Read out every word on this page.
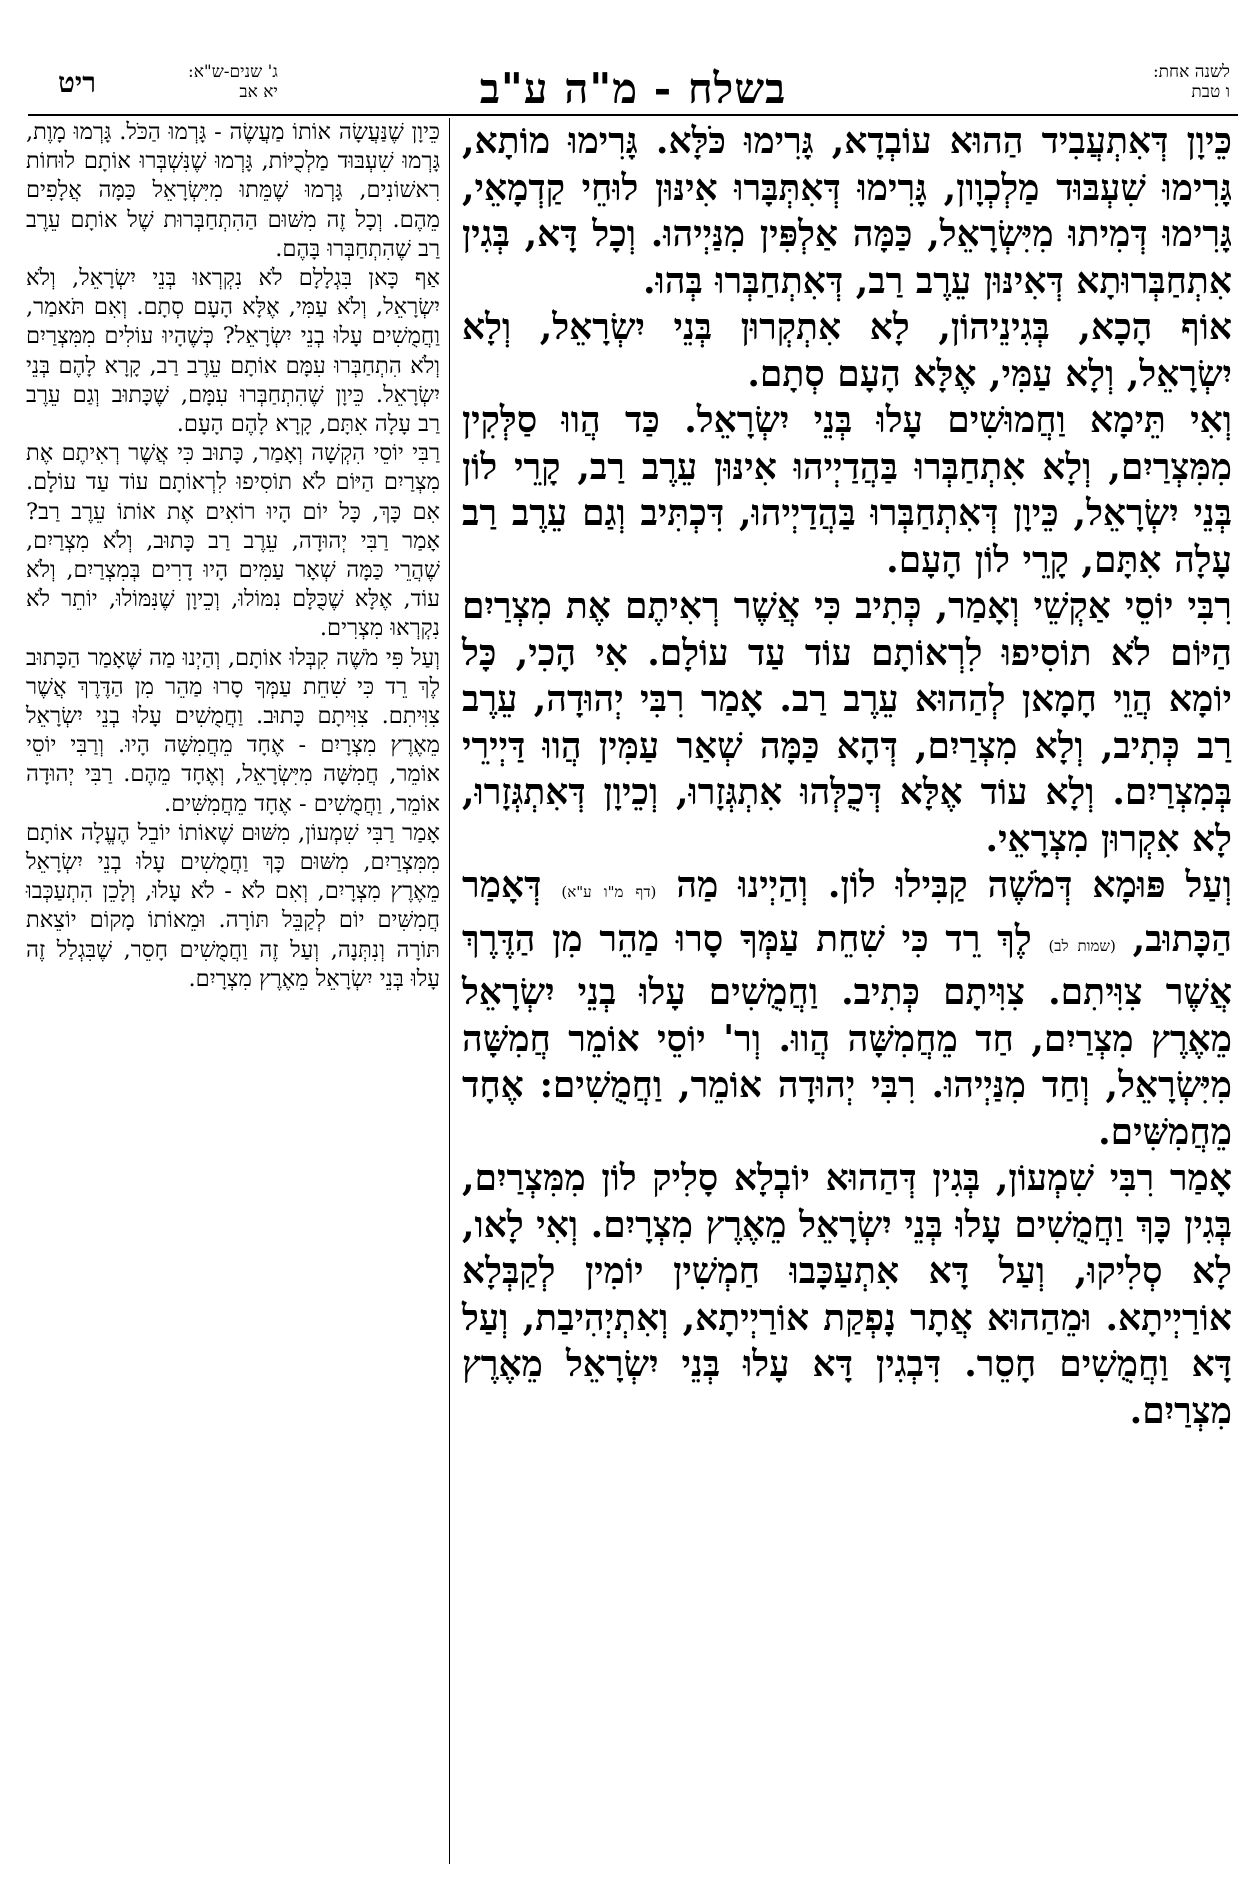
לשנה אחת:
ו טבת
בשלח - מ"ה ע"ב
ג' שנים-ש"א:
יא אב
ריט

כֵּיוָן דְּאִתְעֲבִיד הַהוּא עוֹבְדָא, גָּרִימוּ כֹּלָּא. גָּרִימוּ מוֹתָא, גָּרִימוּ שִׁעְבּוּד מַלְכְוָון, גָּרִימוּ דְּאִתְּבָּרוּ אִינּוּן לוּחֵי קַדְמָאֵי, גָּרִימוּ דְּמִיתוּ מִיִּשְׂרָאֵל, כַּמָּה אַלְפִּין מִנַּיְיהוּ. וְכָל דָּא, בְּגִין אִתְחַבְּרוּתָא דְּאִינּוּן עֵרֶב רַב, דְּאִתְחַבְּרוּ בְּהוּ.

אוֹף הָכָא, בְּגִינֵיהוֹן, לָא אִתְקְרוּן בְּנֵי יִשְׂרָאֵל, וְלָא יִשְׂרָאֵל, וְלָא עַמִּי, אֶלָּא הָעָם סְתָם.

וְאִי תֵּימָא וַחֲמוּשִׁים עָלוּ בְּנֵי יִשְׂרָאֵל. כַּד הֲווּ סַלְּקִין מִמִּצְרַיִם, וְלָא אִתְחַבְּרוּ בַּהֲדַיְיהוּ אִינּוּן עֵרֶב רַב, קָרֵי לוֹן בְּנֵי יִשְׂרָאֵל, כֵּיוָן דְּאִתְחַבְּרוּ בַּהֲדַיְיהוּ, דִּכְתִּיב וְגַם עֵרֶב רַב עָלָה אִתָּם, קָרֵי לוֹן הָעָם.

רִבִּי יוֹסֵי אַקְשֵׁי וְאָמַר, כְּתִיב כִּי אֲשֶׁר רְאִיתֶם אֶת מִצְרַיִם הַיּוֹם לֹא תוֹסִיפוּ לִרְאוֹתָם עוֹד עַד עוֹלָם. אִי הָכִי, כָּל יוֹמָא הֲוֵי חָמָאן לְהַהוּא עֵרֶב רַב. אָמַר רִבִּי יְהוּדָה, עֵרֶב רַב כְּתִיב, וְלָא מִצְרַיִם, דְּהָא כַּמָּה שְׁאַר עַמִּין הֲווּ דַּיְירֵי בְּמִצְרַיִם. וְלָא עוֹד אֶלָּא דְּכֻלְּהוּ אִתְגְּזָרוּ, וְכֵיוָן דְּאִתְגְּזָרוּ, לָא אִקְרוּן מִצְרָאֵי.

וְעַל פּוּמָא דְּמֹשֶׁה קַבִּילוּ לוֹן. וְהַיְינוּ מַה (דף מ"ו ע"א) דְּאָמַר הַכָּתוּב, (שמות לב) לֶךְ רֵד כִּי שִׁחֵת עַמְּךָ סָרוּ מַהֵר מִן הַדֶּרֶךְ אֲשֶׁר צִוִּיתִם. צִוִּיתָם כְּתִיב. וַחֲמֻשִׁים עָלוּ בְנֵי יִשְׂרָאֵל מֵאֶרֶץ מִצְרַיִם, חַד מֵחֲמִשָּׁה הֲווּ. וְר' יוֹסֵי אוֹמֵר חֲמִשָּׁה מִיִּשְׂרָאֵל, וְחַד מִנַּיְיהוּ. רִבִּי יְהוּדָה אוֹמֵר, וַחֲמֻשִׁים: אֶחָד מֵחֲמִשִּׁים.

אָמַר רִבִּי שִׁמְעוֹן, בְּגִין דְּהַהוּא יוֹבְלָא סָלִיק לוֹן מִמִּצְרַיִם, בְּגִין כָּךְ וַחֲמֻשִׁים עָלוּ בְּנֵי יִשְׂרָאֵל מֵאֶרֶץ מִצְרָיִם. וְאִי לָאו, לָא סְלִיקוּ, וְעַל דָּא אִתְעַכָּבוּ חַמְשִׁין יוֹמִין לְקַבְּלָא אוֹרַיְיתָא. וּמֵהַהוּא אֲתָר נָפְקַת אוֹרַיְיתָא, וְאִתְיְהִיבַת, וְעַל דָּא וַחֲמֻשִׁים חָסֵר. דִּבְגִין דָּא עָלוּ בְּנֵי יִשְׂרָאֵל מֵאֶרֶץ מִצְרַיִם.

כֵּיוָן שֶׁנַּעֲשָׂה אוֹתוֹ מַעֲשֶׂה - גָּרְמוּ הַכֹּל. גָּרְמוּ מָוֶת, גָּרְמוּ שִׁעְבּוּד מַלְכֻיּוֹת, גָּרְמוּ שֶׁנִּשְׁבְּרוּ אוֹתָם לוּחוֹת רִאשׁוֹנִים, גָּרְמוּ שֶׁמֵּתוּ מִיִּשְׂרָאֵל כַּמָּה אֲלָפִים מֵהֶם. וְכָל זֶה מִשּׁוּם הַהִתְחַבְּרוּת שֶׁל אוֹתָם עֵרֶב רַב שֶׁהִתְחַבְּרוּ בָּהֶם.

אַף כָּאן בִּגְלָלָם לֹא נִקְרְאוּ בְּנֵי יִשְׂרָאֵל, וְלֹא יִשְׂרָאֵל, וְלֹא עַמִּי, אֶלָּא הָעָם סְתָם. וְאִם תֹּאמַר, וַחֲמֻשִׁים עָלוּ בְנֵי יִשְׂרָאֵל? כְּשֶׁהָיוּ עוֹלִים מִמִּצְרַיִם וְלֹא הִתְחַבְּרוּ עִמָּם אוֹתָם עֵרֶב רַב, קָרָא לָהֶם בְּנֵי יִשְׂרָאֵל. כֵּיוָן שֶׁהִתְחַבְּרוּ עִמָּם, שֶׁכָּתוּב וְגַם עֵרֶב רַב עָלָה אִתָּם, קָרָא לָהֶם הָעָם.

רַבִּי יוֹסֵי הִקְשָׁה וְאָמַר, כָּתוּב כִּי אֲשֶׁר רְאִיתֶם אֶת מִצְרַיִם הַיּוֹם לֹא תוֹסִיפוּ לִרְאוֹתָם עוֹד עַד עוֹלָם. אִם כָּךְ, כָּל יוֹם הָיוּ רוֹאִים אֶת אוֹתוֹ עֵרֶב רַב? אָמַר רַבִּי יְהוּדָה, עֵרֶב רַב כָּתוּב, וְלֹא מִצְרַיִם, שֶׁהֲרֵי כַּמָּה שְׁאָר עַמִּים הָיוּ דָרִים בְּמִצְרַיִם, וְלֹא עוֹד, אֶלָּא שֶׁכֻּלָּם נִמּוֹלוּ, וְכֵיוָן שֶׁנִּמּוֹלוּ, יוֹתֵר לֹא נִקְרְאוּ מִצְרִים.

וְעַל פִּי מֹשֶׁה קִבְּלוּ אוֹתָם, וְהַיְנוּ מַה שֶּׁאָמַר הַכָּתוּב לֶךְ רֵד כִּי שִׁחֵת עַמְּךָ סָרוּ מַהֵר מִן הַדֶּרֶךְ אֲשֶׁר צִוִּיתִם. צִוִּיתָם כָּתוּב. וַחֲמֻשִׁים עָלוּ בְנֵי יִשְׂרָאֵל מֵאֶרֶץ מִצְרָיִם - אֶחָד מֵחֲמִשָּׁה הָיוּ. וְרַבִּי יוֹסֵי אוֹמֵר, חֲמִשָּׁה מִיִּשְׂרָאֵל, וְאֶחָד מֵהֶם. רַבִּי יְהוּדָה אוֹמֵר, וַחֲמֻשִׁים - אֶחָד מֵחֲמִשִּׁים.

אָמַר רַבִּי שִׁמְעוֹן, מִשּׁוּם שֶׁאוֹתוֹ יוֹבֵל הֶעֱלָה אוֹתָם מִמִּצְרַיִם, מִשּׁוּם כָּךְ וַחֲמֻשִׁים עָלוּ בְנֵי יִשְׂרָאֵל מֵאֶרֶץ מִצְרָיִם, וְאִם לֹא - לֹא עָלוּ, וְלָכֵן הִתְעַכְּבוּ חֲמִשִּׁים יוֹם לְקַבֵּל תּוֹרָה. וּמֵאוֹתוֹ מָקוֹם יוֹצֵאת תּוֹרָה וְנִתְּנָה, וְעַל זֶה וַחֲמֻשִׁים חָסֵר, שֶׁבִּגְלַל זֶה עָלוּ בְּנֵי יִשְׂרָאֵל מֵאֶרֶץ מִצְרָיִם.
